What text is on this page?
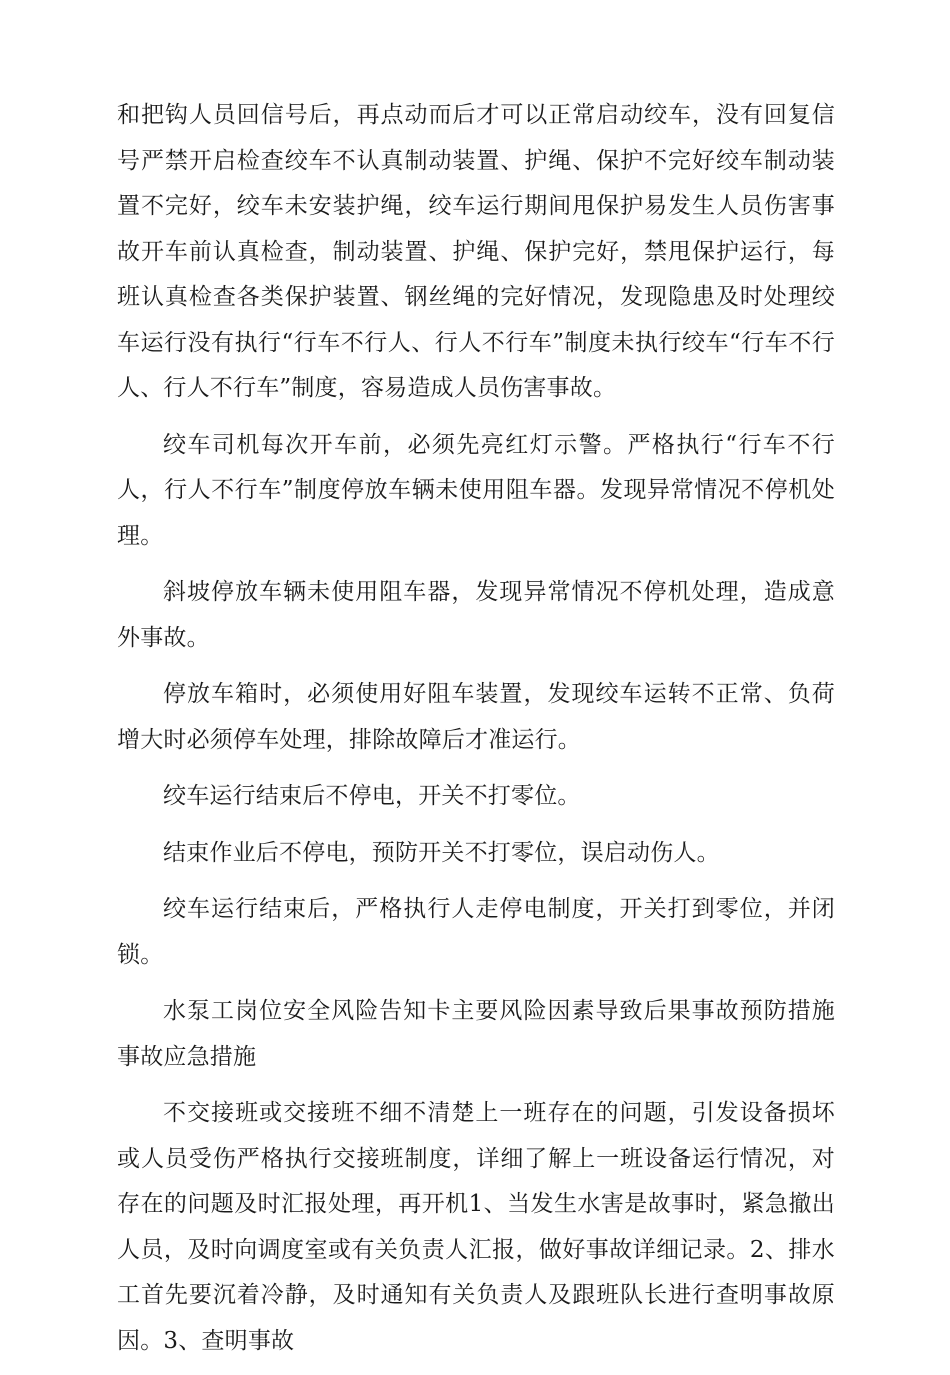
和把钩人员回信号后，再点动而后才可以正常启动绞车，没有回复信号严禁开启检查绞车不认真制动装置、护绳、保护不完好绞车制动装置不完好，绞车未安装护绳，绞车运行期间甩保护易发生人员伤害事故开车前认真检查，制动装置、护绳、保护完好，禁甩保护运行，每班认真检查各类保护装置、钢丝绳的完好情况，发现隐患及时处理绞车运行没有执行“行车不行人、行人不行车”制度未执行绞车“行车不行人、行人不行车”制度，容易造成人员伤害事故。

绞车司机每次开车前，必须先亮红灯示警。严格执行“行车不行人，行人不行车”制度停放车辆未使用阻车器。发现异常情况不停机处理。

斜坡停放车辆未使用阻车器，发现异常情况不停机处理，造成意外事故。

停放车箱时，必须使用好阻车装置，发现绞车运转不正常、负荷增大时必须停车处理，排除故障后才准运行。

绞车运行结束后不停电，开关不打零位。

结束作业后不停电，预防开关不打零位，误启动伤人。

绞车运行结束后，严格执行人走停电制度，开关打到零位，并闭锁。

水泵工岗位安全风险告知卡主要风险因素导致后果事故预防措施事故应急措施

不交接班或交接班不细不清楚上一班存在的问题，引发设备损坏或人员受伤严格执行交接班制度，详细了解上一班设备运行情况，对存在的问题及时汇报处理，再开机1、当发生水害是故事时，紧急撤出人员，及时向调度室或有关负责人汇报，做好事故详细记录。2、排水工首先要沉着冷静，及时通知有关负责人及跟班队长进行查明事故原因。3、查明事故
